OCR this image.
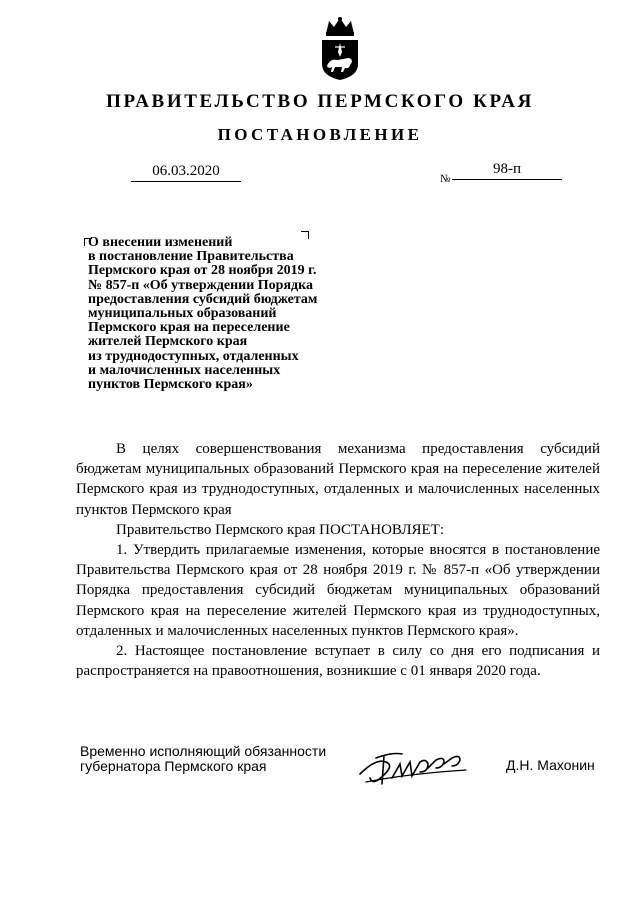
ПРАВИТЕЛЬСТВО ПЕРМСКОГО КРАЯ
ПОСТАНОВЛЕНИЕ
06.03.2020	№
98-п
О внесении изменений
в постановление Правительства
Пермского края от 28 ноября 2019 г.
№ 857-п «Об утверждении Порядка
предоставления субсидий бюджетам
муниципальных образований
Пермского края на переселение
жителей Пермского края
из труднодоступных, отдаленных
и малочисленных населенных
пунктов Пермского края»

В целях совершенствования механизма предоставления субсидий бюджетам муниципальных образований Пермского края на переселение жителей Пермского края из труднодоступных, отдаленных и малочисленных населенных пунктов Пермского края

Правительство Пермского края ПОСТАНОВЛЯЕТ:

1. Утвердить прилагаемые изменения, которые вносятся в постановление Правительства Пермского края от 28 ноября 2019 г. № 857-п «Об утверждении Порядка предоставления субсидий бюджетам муниципальных образований Пермского края на переселение жителей Пермского края из труднодоступных, отдаленных и малочисленных населенных пунктов Пермского края».

2. Настоящее постановление вступает в силу со дня его подписания и распространяется на правоотношения, возникшие с 01 января 2020 года.

Временно исполняющий обязанности
губернатора Пермского края	Д.Н. Махонин
